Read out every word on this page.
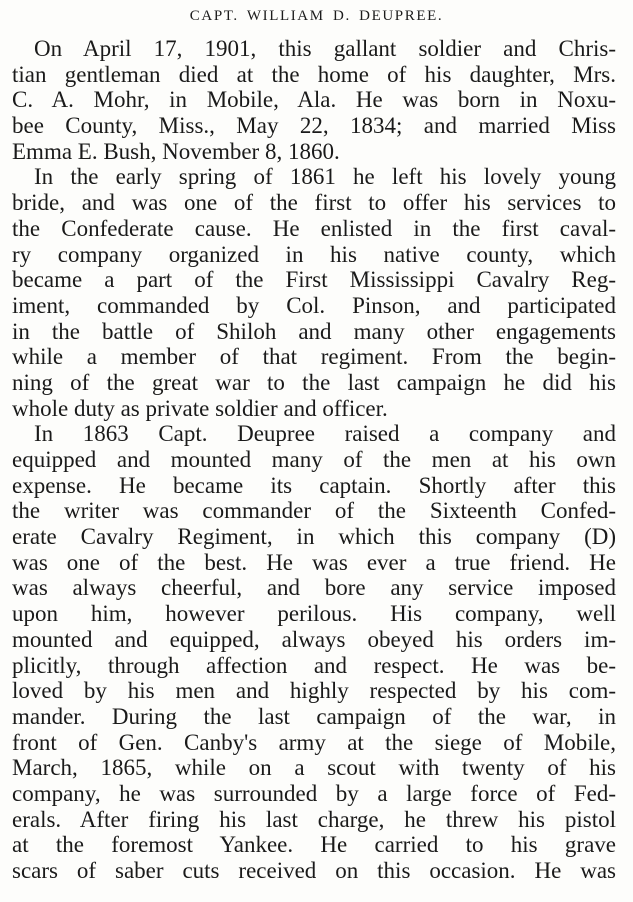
CAPT. WILLIAM D. DEUPREE.
On April 17, 1901, this gallant soldier and Chris-
tian gentleman died at the home of his daughter, Mrs.
C. A. Mohr, in Mobile, Ala. He was born in Noxu-
bee County, Miss., May 22, 1834; and married Miss
Emma E. Bush, November 8, 1860.
In the early spring of 1861 he left his lovely young
bride, and was one of the first to offer his services to
the Confederate cause. He enlisted in the first caval-
ry company organized in his native county, which
became a part of the First Mississippi Cavalry Reg-
iment, commanded by Col. Pinson, and participated
in the battle of Shiloh and many other engagements
while a member of that regiment. From the begin-
ning of the great war to the last campaign he did his
whole duty as private soldier and officer.
In 1863 Capt. Deupree raised a company and
equipped and mounted many of the men at his own
expense. He became its captain. Shortly after this
the writer was commander of the Sixteenth Confed-
erate Cavalry Regiment, in which this company (D)
was one of the best. He was ever a true friend. He
was always cheerful, and bore any service imposed
upon him, however perilous. His company, well
mounted and equipped, always obeyed his orders im-
plicitly, through affection and respect. He was be-
loved by his men and highly respected by his com-
mander. During the last campaign of the war, in
front of Gen. Canby's army at the siege of Mobile,
March, 1865, while on a scout with twenty of his
company, he was surrounded by a large force of Fed-
erals. After firing his last charge, he threw his pistol
at the foremost Yankee. He carried to his grave
scars of saber cuts received on this occasion. He was
